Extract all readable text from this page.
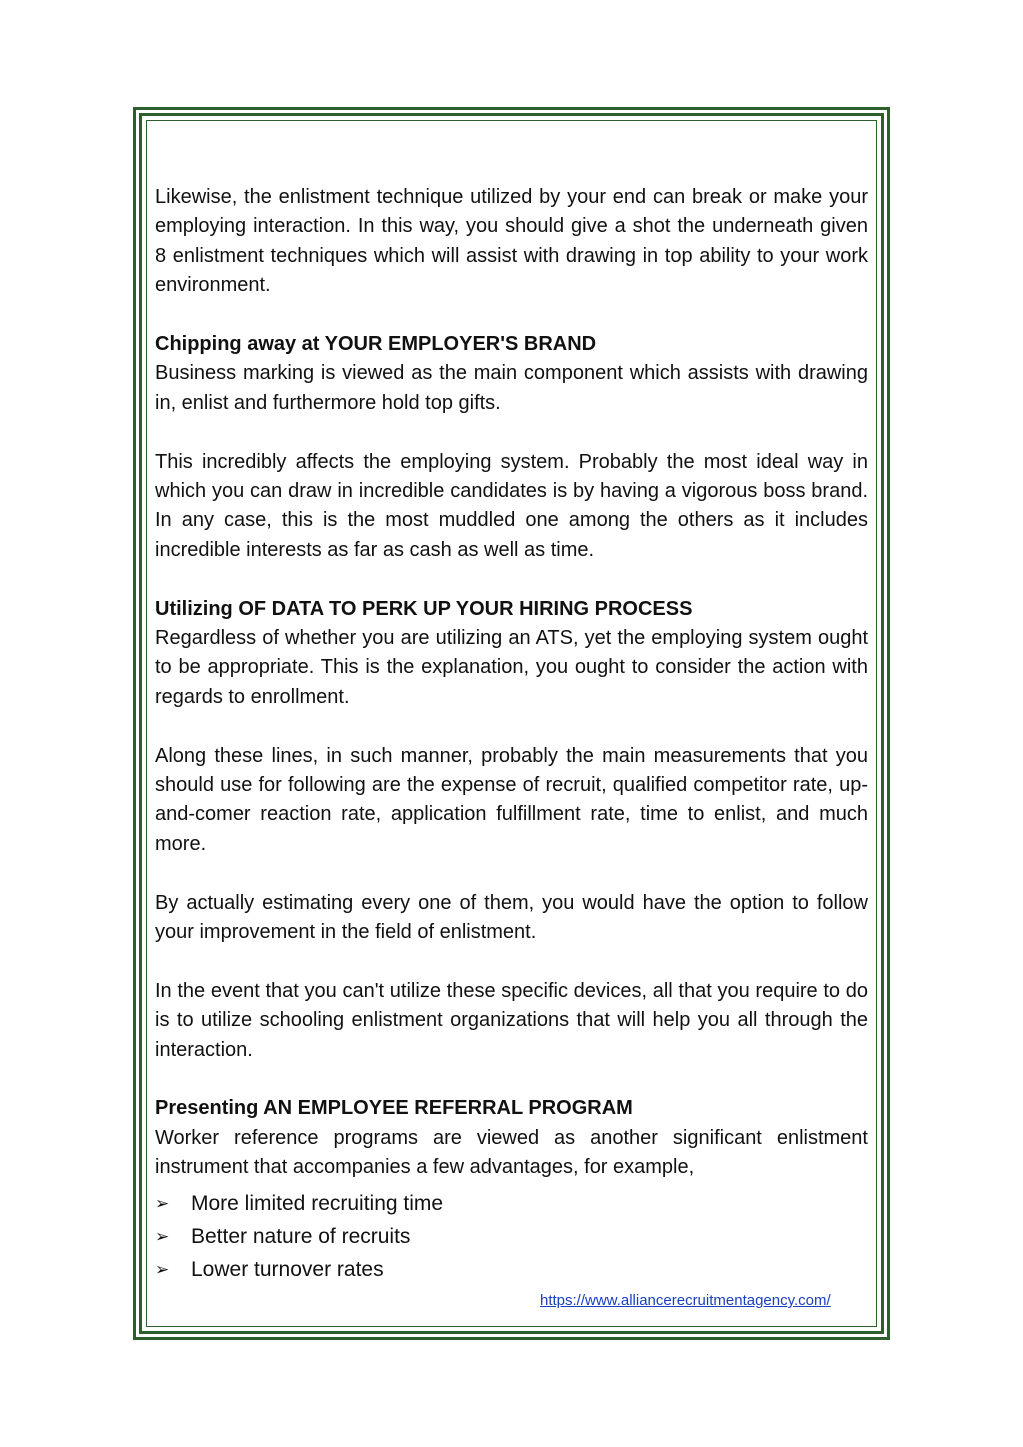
Likewise, the enlistment technique utilized by your end can break or make your employing interaction. In this way, you should give a shot the underneath given 8 enlistment techniques which will assist with drawing in top ability to your work environment.

Chipping away at YOUR EMPLOYER'S BRAND

Business marking is viewed as the main component which assists with drawing in, enlist and furthermore hold top gifts.

This incredibly affects the employing system. Probably the most ideal way in which you can draw in incredible candidates is by having a vigorous boss brand. In any case, this is the most muddled one among the others as it includes incredible interests as far as cash as well as time.

Utilizing OF DATA TO PERK UP YOUR HIRING PROCESS

Regardless of whether you are utilizing an ATS, yet the employing system ought to be appropriate. This is the explanation, you ought to consider the action with regards to enrollment.

Along these lines, in such manner, probably the main measurements that you should use for following are the expense of recruit, qualified competitor rate, up-and-comer reaction rate, application fulfillment rate, time to enlist, and much more.

By actually estimating every one of them, you would have the option to follow your improvement in the field of enlistment.

In the event that you can't utilize these specific devices, all that you require to do is to utilize schooling enlistment organizations that will help you all through the interaction.

Presenting AN EMPLOYEE REFERRAL PROGRAM

Worker reference programs are viewed as another significant enlistment instrument that accompanies a few advantages, for example,

➢	More limited recruiting time
➢	Better nature of recruits
➢	Lower turnover rates
https://www.alliancerecruitmentagency.com/
